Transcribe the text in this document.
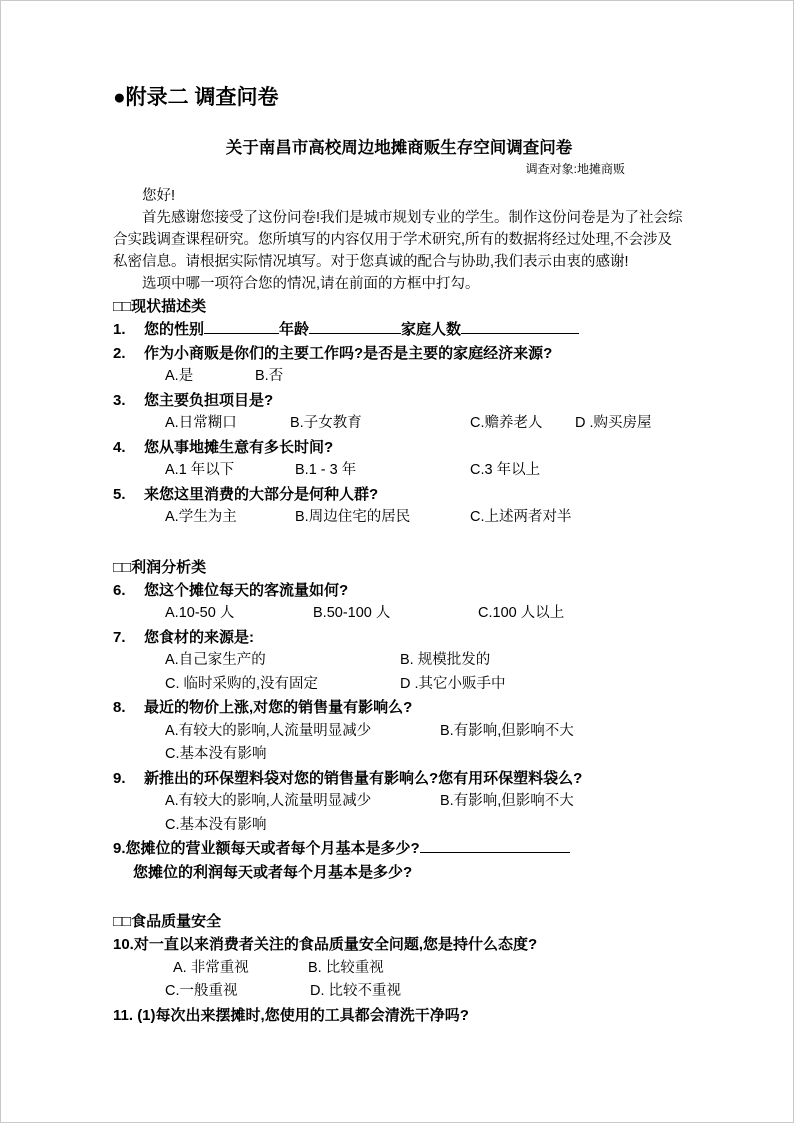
●附录二 调查问卷
关于南昌市高校周边地摊商贩生存空间调查问卷
调查对象:地摊商贩

您好!

首先感谢您接受了这份问卷!我们是城市规划专业的学生。制作这份问卷是为了社会综合实践调查课程研究。您所填写的内容仅用于学术研究,所有的数据将经过处理,不会涉及私密信息。请根据实际情况填写。对于您真诚的配合与协助,我们表示由衷的感谢!

选项中哪一项符合您的情况,请在前面的方框中打勾。

□□现状描述类
1. 您的性别	年龄	家庭人数
2. 作为小商贩是你们的主要工作吗?是否是主要的家庭经济来源?
A.是	B.否
3. 您主要负担项目是?
A.日常糊口	B.子女教育	C.赡养老人 D .购买房屋
4. 您从事地摊生意有多长时间?
A.1 年以下	B.1 - 3 年	C.3 年以上
5. 来您这里消费的大部分是何种人群?
A.学生为主	B.周边住宅的居民	C.上述两者对半
□□利润分析类
6. 您这个摊位每天的客流量如何?
A.10-50 人	B.50-100 人	C.100 人以上
7. 您食材的来源是:
A.自己家生产的	B. 规模批发的
C. 临时采购的,没有固定	D .其它小贩手中
8. 最近的物价上涨,对您的销售量有影响么?
A.有较大的影响,人流量明显减少	B.有影响,但影响不大
C.基本没有影响
9. 新推出的环保塑料袋对您的销售量有影响么?您有用环保塑料袋么?
A.有较大的影响,人流量明显减少	B.有影响,但影响不大
C.基本没有影响
9.您摊位的营业额每天或者每个月基本是多少?
您摊位的利润每天或者每个月基本是多少?
□□食品质量安全
10.对一直以来消费者关注的食品质量安全问题,您是持什么态度?
A. 非常重视	B. 比较重视
C.一般重视	D. 比较不重视
11. (1)每次出来摆摊时,您使用的工具都会清洗干净吗?
